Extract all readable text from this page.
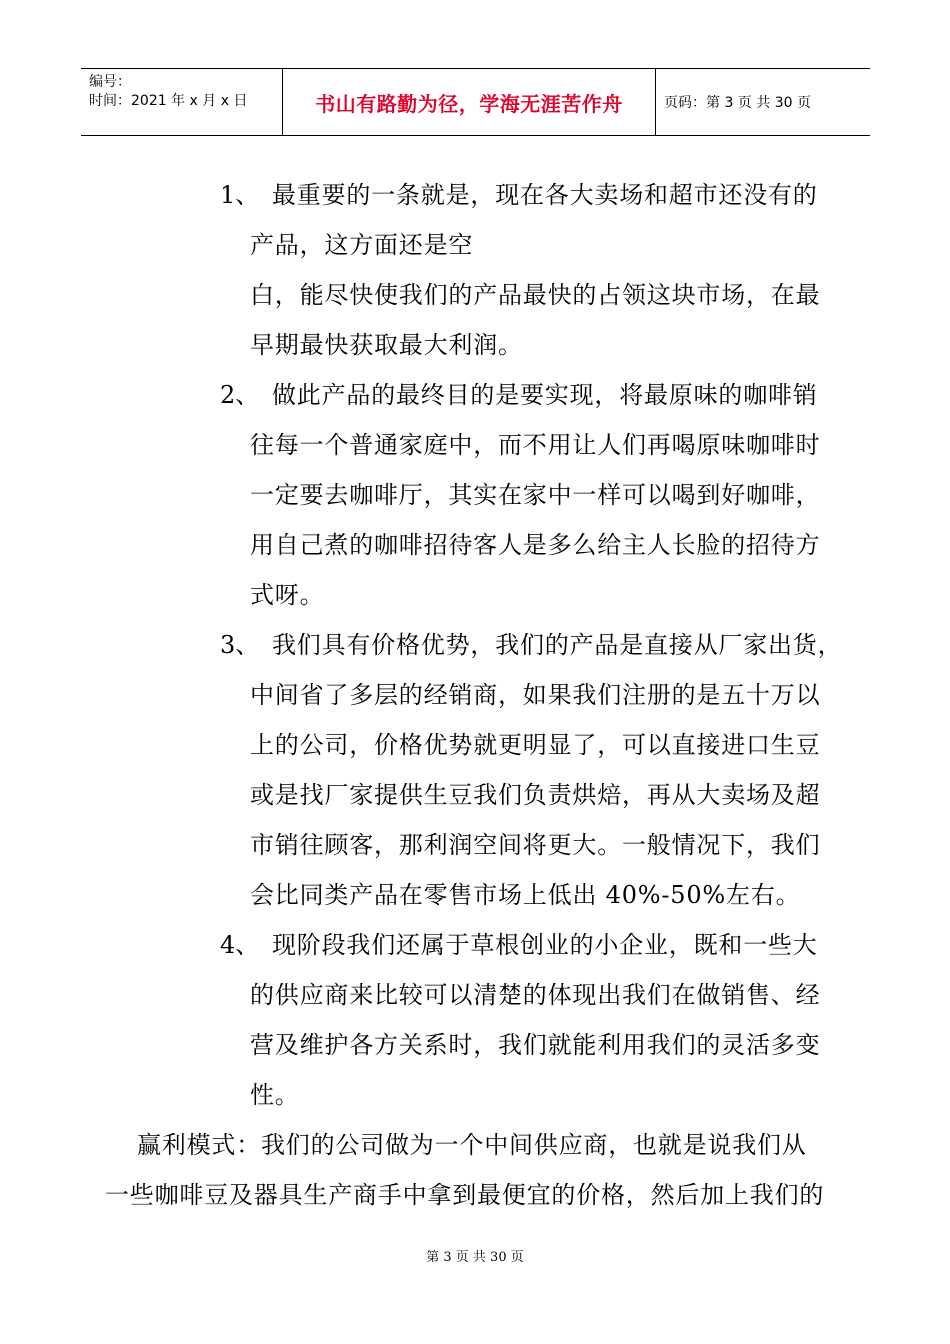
编号：
时间：2021 年 x 月 x 日	书山有路勤为径，学海无涯苦作舟	页码：第 3 页 共 30 页
1、 最重要的一条就是，现在各大卖场和超市还没有的
产品，这方面还是空
白，能尽快使我们的产品最快的占领这块市场，在最
早期最快获取最大利润。
2、 做此产品的最终目的是要实现，将最原味的咖啡销
往每一个普通家庭中，而不用让人们再喝原味咖啡时
一定要去咖啡厅，其实在家中一样可以喝到好咖啡，
用自己煮的咖啡招待客人是多么给主人长脸的招待方
式呀。
3、 我们具有价格优势，我们的产品是直接从厂家出货，
中间省了多层的经销商，如果我们注册的是五十万以
上的公司，价格优势就更明显了，可以直接进口生豆
或是找厂家提供生豆我们负责烘焙，再从大卖场及超
市销往顾客，那利润空间将更大。一般情况下，我们
会比同类产品在零售市场上低出 40%-50%左右。
4、 现阶段我们还属于草根创业的小企业，既和一些大
的供应商来比较可以清楚的体现出我们在做销售、经
营及维护各方关系时，我们就能利用我们的灵活多变
性。
赢利模式：我们的公司做为一个中间供应商，也就是说我们从
一些咖啡豆及器具生产商手中拿到最便宜的价格，然后加上我们的
第 3 页 共 30 页
